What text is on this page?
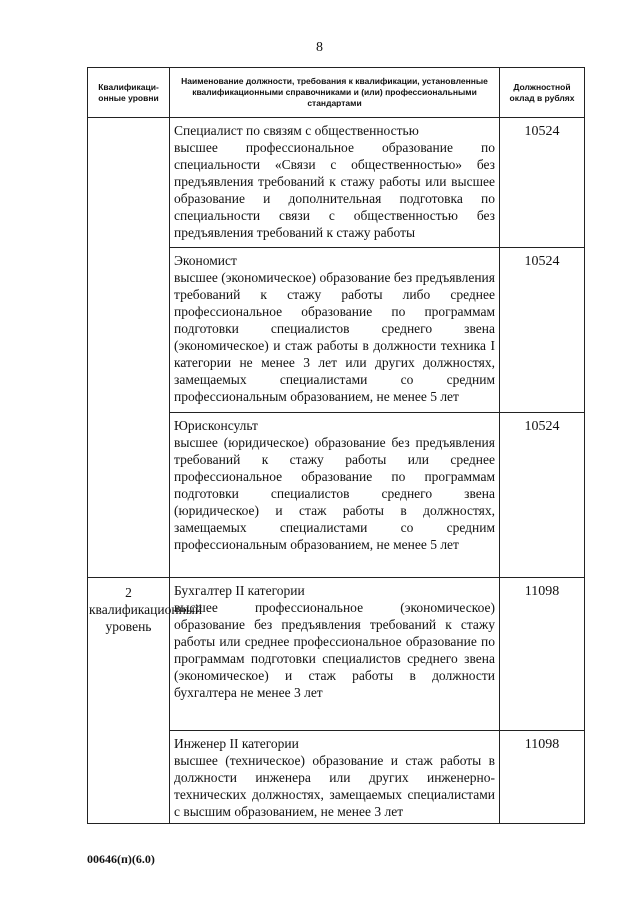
8
Квалификаци-онные уровни	Наименование должности, требования к квалификации, установленные квалификационными справочниками и (или) профессиональными стандартами	Должностной оклад в рублях

	Специалист по связям с общественностью
высшее профессиональное образование по специальности «Связи с общественностью» без предъявления требований к стажу работы или высшее образование и дополнительная подготовка по специальности связи с общественностью без предъявления требований к стажу работы	10524

	Экономист
высшее (экономическое) образование без предъявления требований к стажу работы либо среднее профессиональное образование по программам подготовки специалистов среднего звена (экономическое) и стаж работы в должности техника I категории не менее 3 лет или других должностях, замещаемых специалистами со средним профессиональным образованием, не менее 5 лет	10524

	Юрисконсульт
высшее (юридическое) образование без предъявления требований к стажу работы или среднее профессиональное образование по программам подготовки специалистов среднего звена (юридическое) и стаж работы в должностях, замещаемых специалистами со средним профессиональным образованием, не менее 5 лет	10524
2 квалификационный уровень	Бухгалтер II категории
высшее профессиональное (экономическое) образование без предъявления требований к стажу работы или среднее профессиональное образование по программам подготовки специалистов среднего звена (экономическое) и стаж работы в должности бухгалтера не менее 3 лет	11098

	Инженер II категории
высшее (техническое) образование и стаж работы в должности инженера или других инженерно-технических должностях, замещаемых специалистами с высшим образованием, не менее 3 лет	11098
00646(п)(6.0)
